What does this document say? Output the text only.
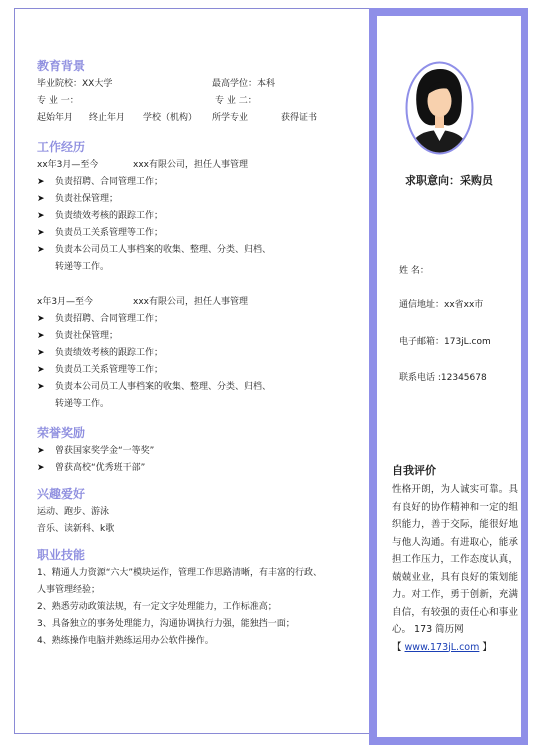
教育背景

毕业院校：XX大学	最高学位：本科
专 业 一：	专 业 二：
起始年月	终止年月	学校（机构）	所学专业	获得证书

工作经历

xx年3月—至今	xxx有限公司，担任人事管理
➤ 负责招聘、合同管理工作；
➤ 负责社保管理；
➤ 负责绩效考核的跟踪工作；
➤ 负责员工关系管理等工作；
➤ 负责本公司员工人事档案的收集、整理、分类、归档、
转递等工作。
x年3月—至今	xxx有限公司，担任人事管理
➤ 负责招聘、合同管理工作；
➤ 负责社保管理；
➤ 负责绩效考核的跟踪工作；
➤ 负责员工关系管理等工作；
➤ 负责本公司员工人事档案的收集、整理、分类、归档、
转递等工作。

荣誉奖励

➤ 曾获国家奖学金“一等奖”
➤ 曾获高校“优秀班干部”

兴趣爱好

运动、跑步、游泳
音乐、读新科、k歌

职业技能

1、精通人力资源“六大”模块运作，管理工作思路清晰，有丰富的行政、
人事管理经验；
2、熟悉劳动政策法规，有一定文字处理能力，工作标准高；
3、具备独立的事务处理能力，沟通协调执行力强，能独挡一面；
4、熟练操作电脑并熟练运用办公软件操作。
求职意向：采购员
姓 名：
通信地址：xx省xx市
电子邮箱：173jL.com
联系电话 :12345678
自我评价
性格开朗，为人诚实可靠。具有良好的协作精神和一定的组织能力，善于交际，能很好地与他人沟通。有进取心，能承担工作压力，工作态度认真，兢兢业业，具有良好的策划能力。对工作，勇于创新，充满自信，有较强的责任心和事业心。 173 简历网
【 www.173jL.com 】
